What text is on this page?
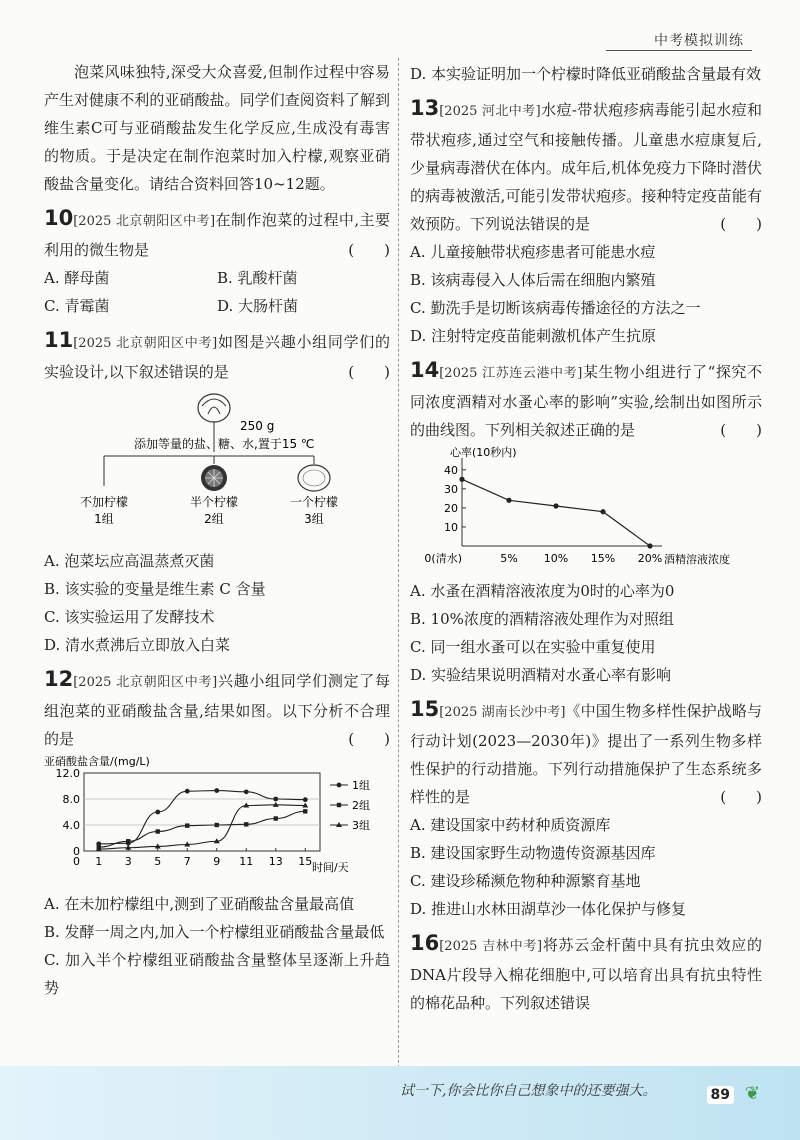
中考模拟训练

泡菜风味独特,深受大众喜爱,但制作过程中容易产生对健康不利的亚硝酸盐。同学们查阅资料了解到维生素C可与亚硝酸盐发生化学反应,生成没有毒害的物质。于是决定在制作泡菜时加入柠檬,观察亚硝酸盐含量变化。请结合资料回答10~12题。

10[2025 北京朝阳区中考]在制作泡菜的过程中,主要利用的微生物是	(　　)
A. 酵母菌	B. 乳酸杆菌
C. 青霉菌	D. 大肠杆菌
11[2025 北京朝阳区中考]如图是兴趣小组同学们的实验设计,以下叙述错误的是	(　　)
250 g
添加等量的盐、糖、水,置于15 ℃
不加柠檬
1组
半个柠檬
2组
一个柠檬
3组
A. 泡菜坛应高温蒸煮灭菌
B. 该实验的变量是维生素 C 含量
C. 该实验运用了发酵技术
D. 清水煮沸后立即放入白菜
12[2025 北京朝阳区中考]兴趣小组同学们测定了每组泡菜的亚硝酸盐含量,结果如图。以下分析不合理的是	(　　)
亚硝酸盐含量/(mg/L)
0
4.0
8.0
12.0
0 1 3 5 7 9 11 13 15
1组
2组
3组
时间/天
A. 在未加柠檬组中,测到了亚硝酸盐含量最高值
B. 发酵一周之内,加入一个柠檬组亚硝酸盐含量最低
C. 加入半个柠檬组亚硝酸盐含量整体呈逐渐上升趋势
D. 本实验证明加一个柠檬时降低亚硝酸盐含量最有效
13[2025 河北中考]水痘-带状疱疹病毒能引起水痘和带状疱疹,通过空气和接触传播。儿童患水痘康复后,少量病毒潜伏在体内。成年后,机体免疫力下降时潜伏的病毒被激活,可能引发带状疱疹。接种特定疫苗能有效预防。下列说法错误的是	(　　)
A. 儿童接触带状疱疹患者可能患水痘
B. 该病毒侵入人体后需在细胞内繁殖
C. 勤洗手是切断该病毒传播途径的方法之一
D. 注射特定疫苗能刺激机体产生抗原
14[2025 江苏连云港中考]某生物小组进行了“探究不同浓度酒精对水蚤心率的影响”实验,绘制出如图所示的曲线图。下列相关叙述正确的是	(　　)
心率(10秒内)
10
20
30
40
0(清水)	5% 10% 15% 20% 酒精溶液浓度
A. 水蚤在酒精溶液浓度为0时的心率为0
B. 10%浓度的酒精溶液处理作为对照组
C. 同一组水蚤可以在实验中重复使用
D. 实验结果说明酒精对水蚤心率有影响
15[2025 湖南长沙中考]《中国生物多样性保护战略与行动计划(2023—2030年)》提出了一系列生物多样性保护的行动措施。下列行动措施保护了生态系统多样性的是	(　　)
A. 建设国家中药材种质资源库
B. 建设国家野生动物遗传资源基因库
C. 建设珍稀濒危物种种源繁育基地
D. 推进山水林田湖草沙一体化保护与修复
16[2025 吉林中考]将苏云金杆菌中具有抗虫效应的DNA片段导入棉花细胞中,可以培育出具有抗虫特性的棉花品种。下列叙述错误
试一下,你会比你自己想象中的还要强大。	89 ❦
